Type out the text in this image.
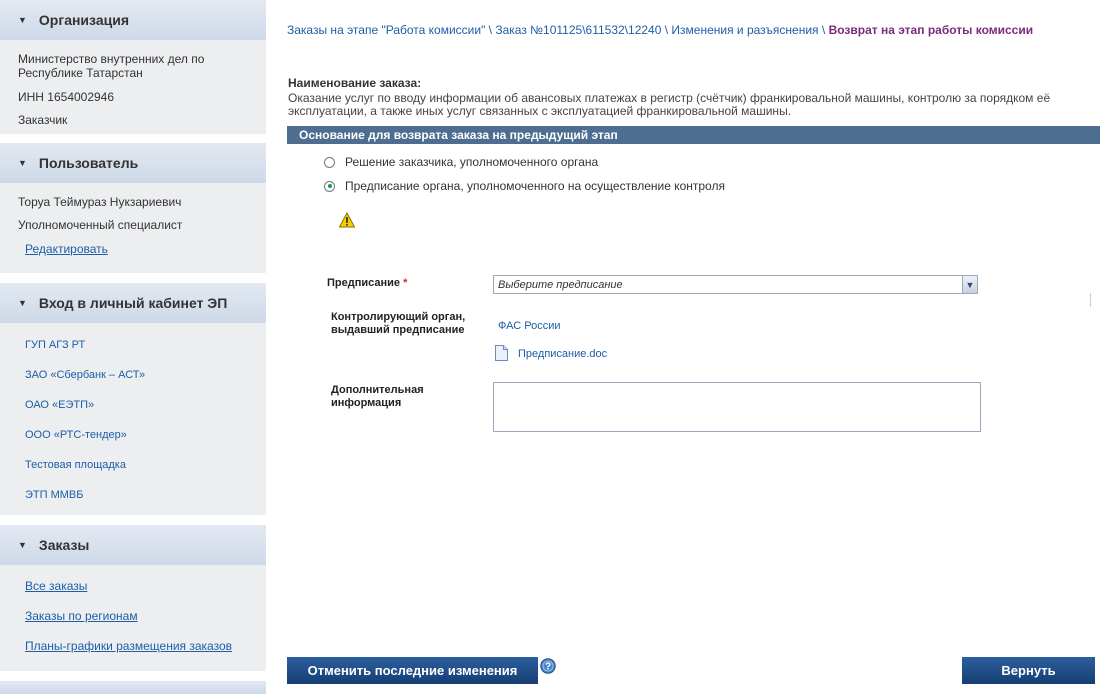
▼ Организация
Министерство внутренних дел по Республике Татарстан
ИНН 1654002946
Заказчик
▼ Пользователь
Торуа Теймураз Нукзариевич
Уполномоченный специалист
Редактировать
▼ Вход в личный кабинет ЭП
ГУП АГЗ РТ
ЗАО «Сбербанк – АСТ»
ОАО «ЕЭТП»
ООО «РТС-тендер»
Тестовая площадка
ЭТП ММВБ
▼ Заказы
Все заказы
Заказы по регионам
Планы-графики размещения заказов
Заказы на этапе "Работа комиссии" \ Заказ №101125\611532\12240 \ Изменения и разъяснения \ Возврат на этап работы комиссии
Наименование заказа:
Оказание услуг по вводу информации об авансовых платежах в регистр (счётчик) франкировальной машины, контролю за порядком её эксплуатации, а также иных услуг связанных с эксплуатацией франкировальной машины.
Основание для возврата заказа на предыдущий этап
Решение заказчика, уполномоченного органа
Предписание органа, уполномоченного на осуществление контроля
Предписание *	Выберите предписание	▼
Контролирующий орган,
выдавший предписание	ФАС России
Предписание.doc
Дополнительная
информация
Отменить последние изменения	?	Вернуть
